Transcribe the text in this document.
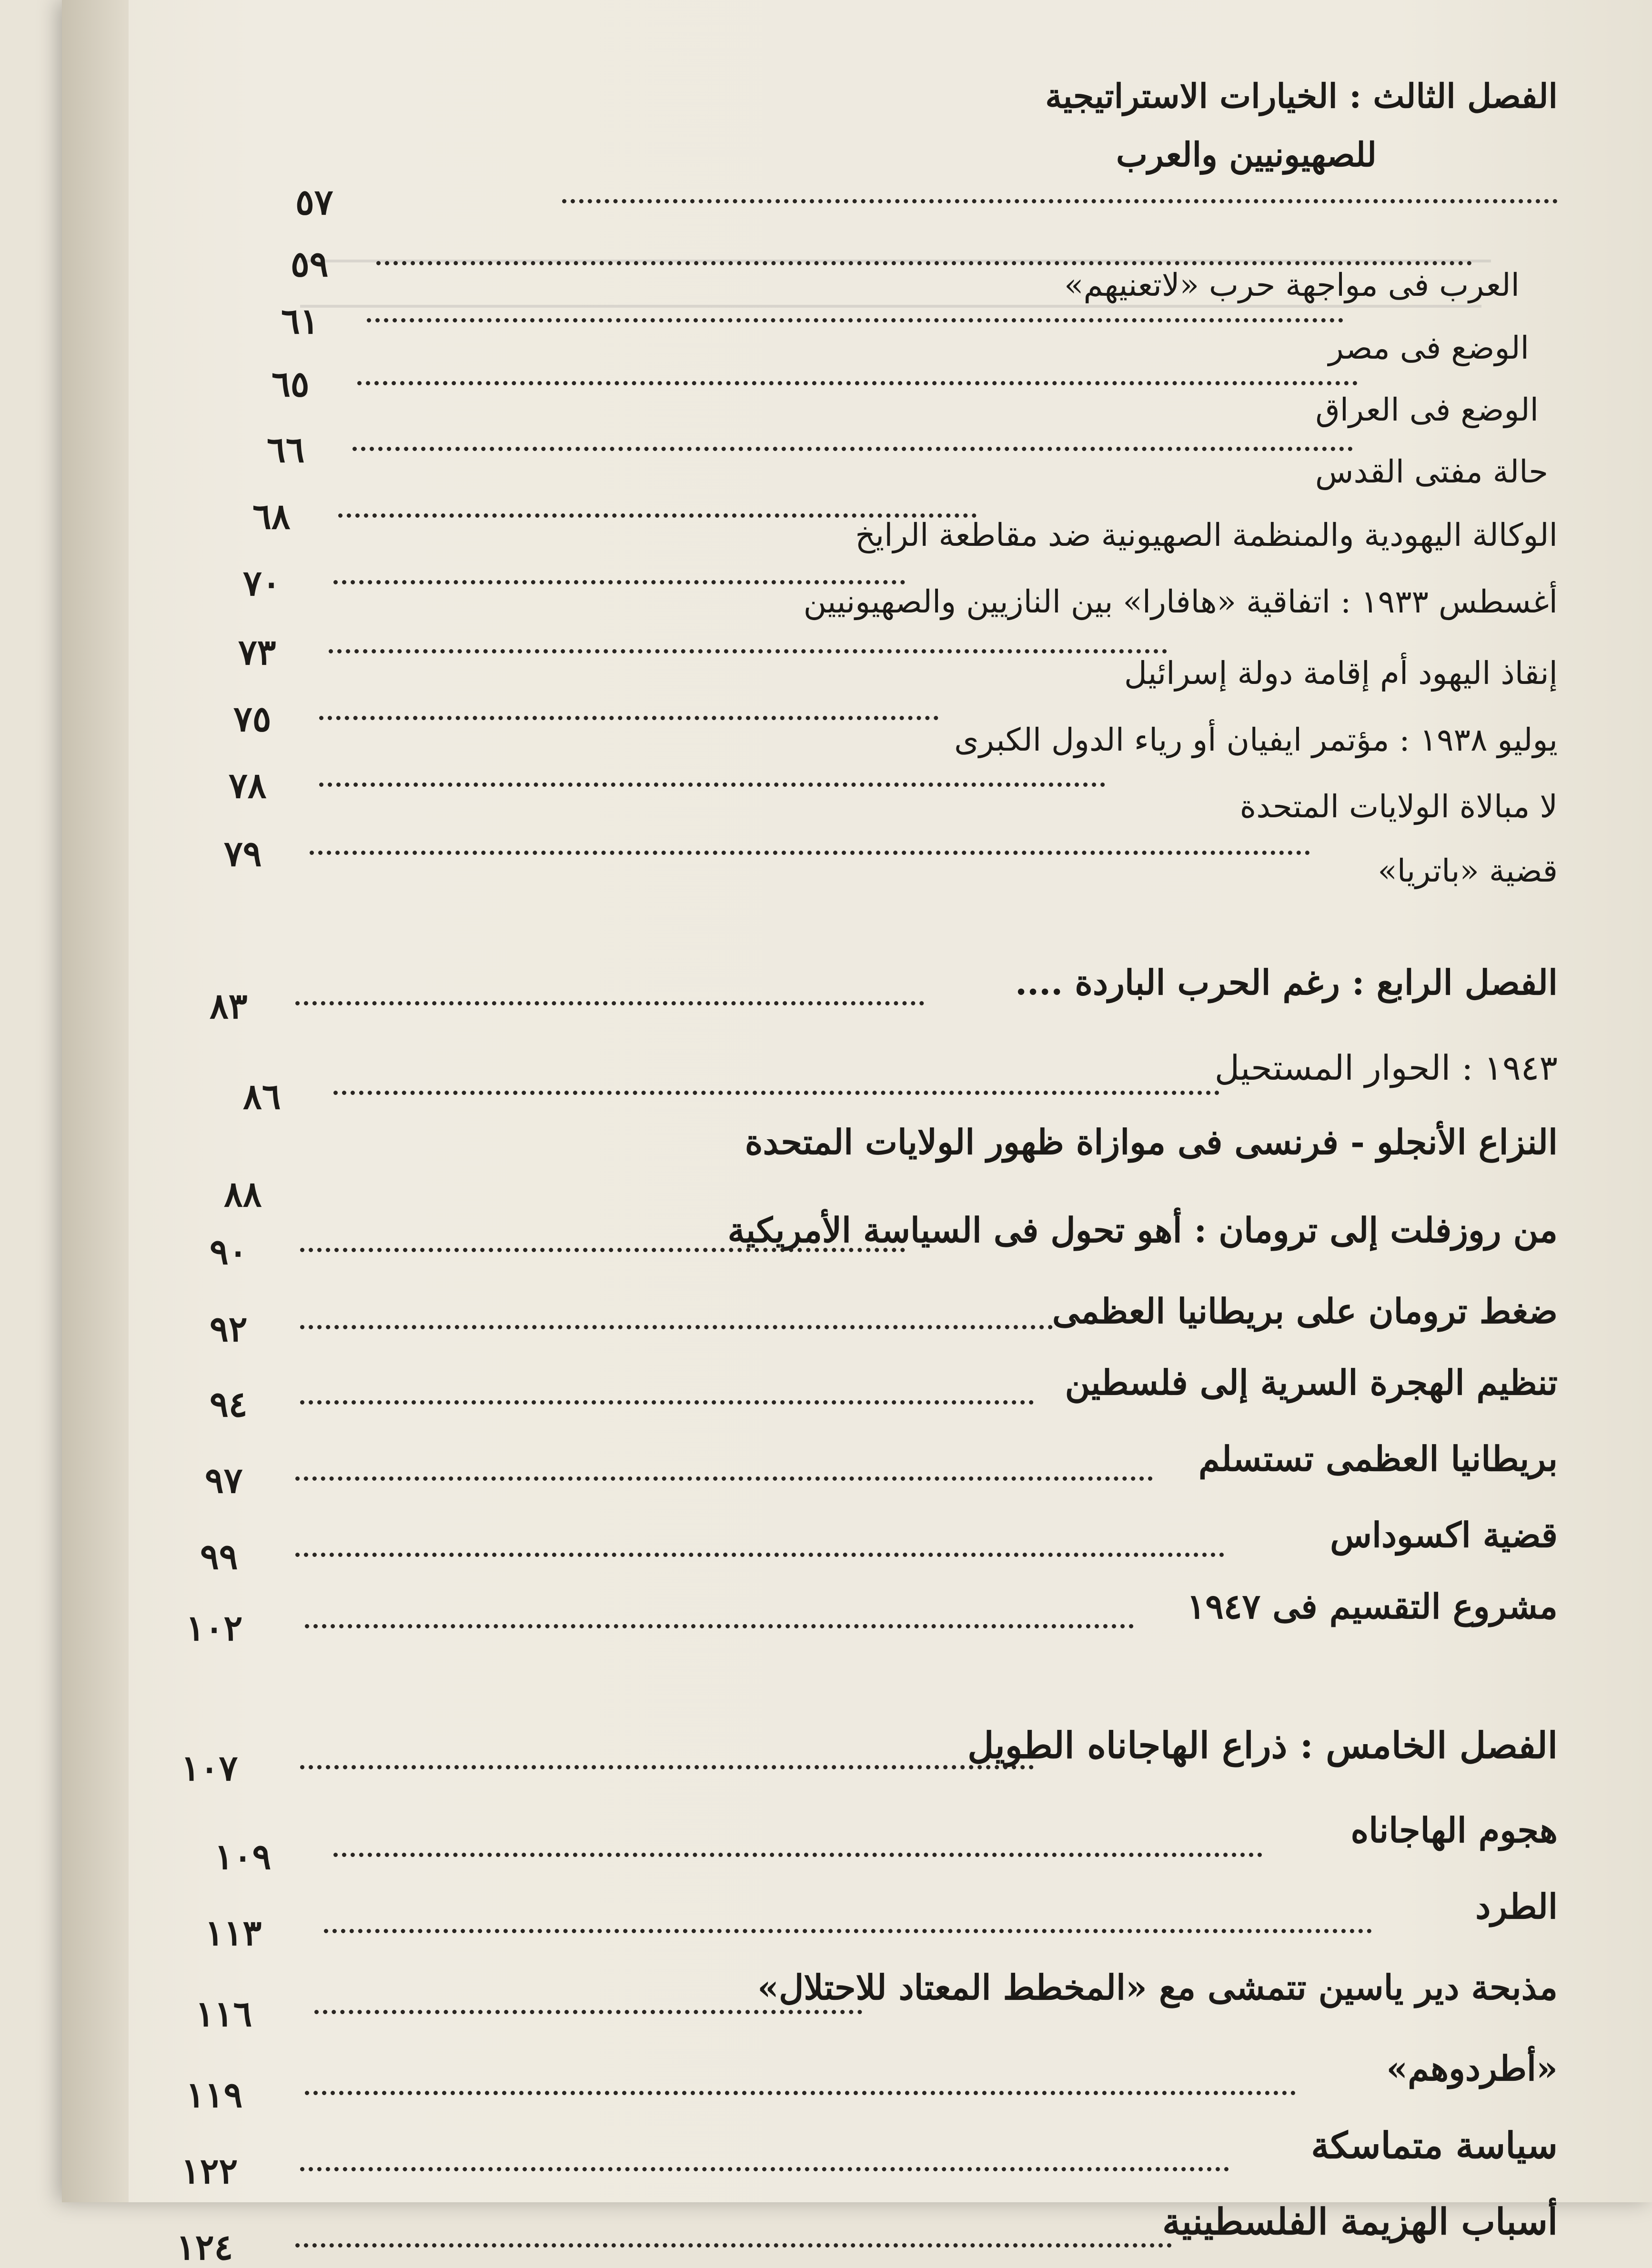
الفصل الثالث : الخيارات الاستراتيجية
للصهيونيين والعرب
العرب فى مواجهة حرب «لاتعنيهم»
٥٧
الوضع فى مصر
٥٩
الوضع فى العراق
٦١
حالة مفتى القدس
٦٥
الوكالة اليهودية والمنظمة الصهيونية ضد مقاطعة الرايخ
٦٦
أغسطس ١٩٣٣ : اتفاقية «هافارا» بين النازيين والصهيونيين
٦٨
إنقاذ اليهود أم إقامة دولة إسرائيل
٧٠
يوليو ١٩٣٨ : مؤتمر ايفيان أو رياء الدول الكبرى
٧٣
لا مبالاة الولايات المتحدة
٧٥
قضية «باتريا»
٧٨
٧٩
الفصل الرابع : رغم الحرب الباردة ....
٨٣
١٩٤٣ : الحوار المستحيل
٨٦
النزاع الأنجلو - فرنسى فى موازاة ظهور الولايات المتحدة
٨٨
من روزفلت إلى ترومان : أهو تحول فى السياسة الأمريكية
٩٠
ضغط ترومان على بريطانيا العظمى
٩٢
تنظيم الهجرة السرية إلى فلسطين
٩٤
بريطانيا العظمى تستسلم
٩٧
قضية اكسوداس
٩٩
مشروع التقسيم فى ١٩٤٧
١٠٢
الفصل الخامس : ذراع الهاجاناه الطويل
١٠٧
هجوم الهاجاناه
١٠٩
الطرد
١١٣
مذبحة دير ياسين تتمشى مع «المخطط المعتاد للاحتلال»
١١٦
«أطردوهم»
١١٩
سياسة متماسكة
١٢٢
أسباب الهزيمة الفلسطينية
١٢٤
